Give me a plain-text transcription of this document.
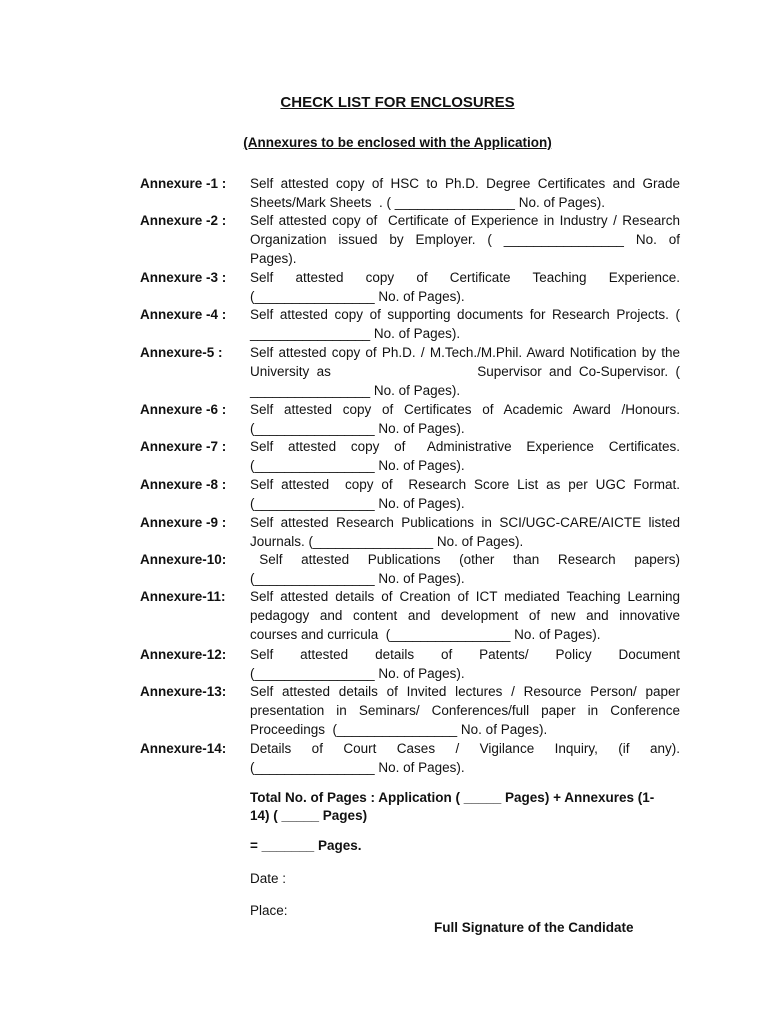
CHECK LIST FOR ENCLOSURES
(Annexures to be enclosed with the Application)
Annexure -1 :	Self attested copy of HSC to Ph.D. Degree Certificates and Grade
Sheets/Mark Sheets  . ( ________________ No. of Pages).
Annexure -2 :	Self attested copy of  Certificate of Experience in Industry / Research
Organization  issued  by  Employer.  (  ________________  No.  of
Pages).
Annexure -3 :	Self  attested  copy  of  Certificate  Teaching  Experience.
(________________ No. of Pages).
Annexure -4 :	Self attested copy of supporting documents for Research Projects. (
________________ No. of Pages).
Annexure-5 :	Self attested copy of Ph.D. / M.Tech./M.Phil. Award Notification by the
University as                    Supervisor and Co-Supervisor. (
________________ No. of Pages).
Annexure -6 :	Self  attested  copy  of  Certificates  of  Academic  Award  /Honours.
(________________ No. of Pages).
Annexure -7 :	Self  attested  copy  of   Administrative  Experience  Certificates.
(________________ No. of Pages).
Annexure -8 :	Self attested  copy of  Research Score List as per UGC Format.
(________________ No. of Pages).
Annexure -9 :	Self attested Research Publications in SCI/UGC-CARE/AICTE listed
Journals. (________________ No. of Pages).
Annexure-10:	Self  attested  Publications  (other  than  Research  papers)
(________________ No. of Pages).
Annexure-11:	Self attested details of Creation of ICT mediated Teaching Learning
pedagogy  and  content  and  development  of  new  and  innovative
courses and curricula  (________________ No. of Pages).
Annexure-12:	Self  attested  details  of  Patents/  Policy  Document
(________________ No. of Pages).
Annexure-13:	Self attested details of Invited lectures / Resource Person/ paper
presentation  in  Seminars/  Conferences/full  paper  in  Conference
Proceedings  (________________ No. of Pages).
Annexure-14:	Details  of  Court  Cases  /  Vigilance  Inquiry,  (if  any).
(________________ No. of Pages).
Total No. of Pages : Application ( _____ Pages) + Annexures (1-
14) ( _____ Pages)
= _______ Pages.
Date :
Place:
Full Signature of the Candidate
